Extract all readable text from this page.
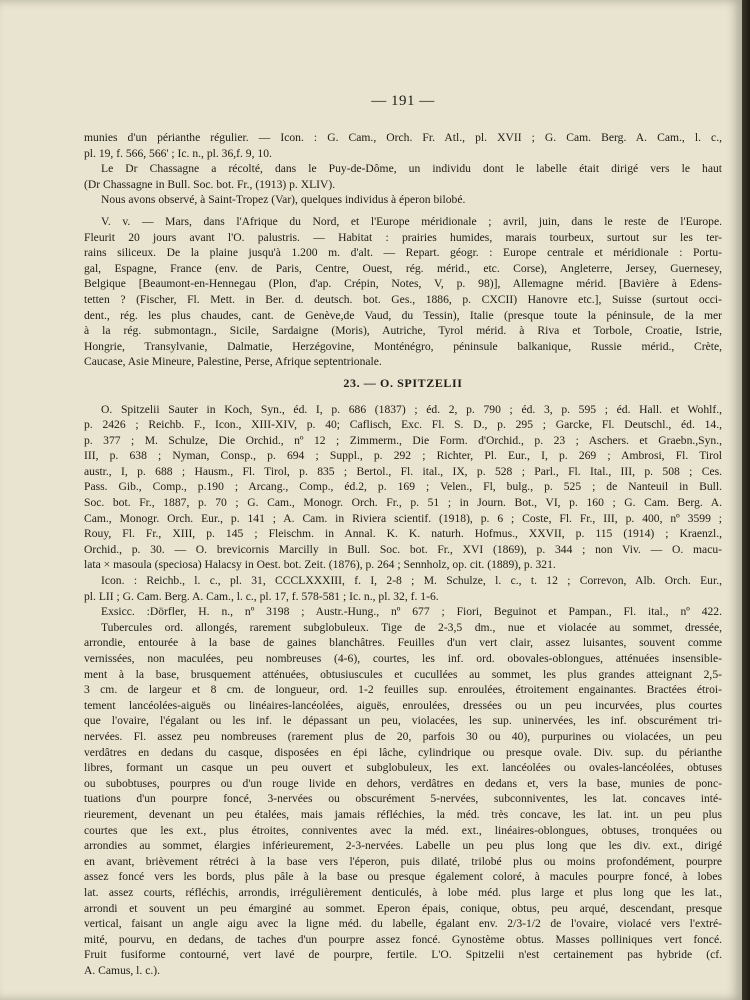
— 191 —
munies d'un périanthe régulier. — Icon. : G. Cam., Orch. Fr. Atl., pl. XVII ; G. Cam. Berg. A. Cam., l. c.,
pl. 19, f. 566, 566' ; Ic. n., pl. 36,f. 9, 10.
Le Dr Chassagne a récolté, dans le Puy-de-Dôme, un individu dont le labelle était dirigé vers le haut
(Dr Chassagne in Bull. Soc. bot. Fr., (1913) p. XLIV).
Nous avons observé, à Saint-Tropez (Var), quelques individus à éperon bilobé.
V. v. — Mars, dans l'Afrique du Nord, et l'Europe méridionale ; avril, juin, dans le reste de l'Europe.
Fleurit 20 jours avant l'O. palustris. — Habitat : prairies humides, marais tourbeux, surtout sur les ter-
rains siliceux. De la plaine jusqu'à 1.200 m. d'alt. — Repart. géogr. : Europe centrale et méridionale : Portu-
gal, Espagne, France (env. de Paris, Centre, Ouest, rég. mérid., etc. Corse), Angleterre, Jersey, Guernesey,
Belgique [Beaumont-en-Hennegau (Plon, d'ap. Crépin, Notes, V, p. 98)], Allemagne mérid. [Bavière à Edens-
tetten ? (Fischer, Fl. Mett. in Ber. d. deutsch. bot. Ges., 1886, p. CXCII) Hanovre etc.], Suisse (surtout occi-
dent., rég. les plus chaudes, cant. de Genève,de Vaud, du Tessin), Italie (presque toute la péninsule, de la mer
à la rég. submontagn., Sicile, Sardaigne (Moris), Autriche, Tyrol mérid. à Riva et Torbole, Croatie, Istrie,
Hongrie, Transylvanie, Dalmatie, Herzégovine, Monténégro, péninsule balkanique, Russie mérid., Crète,
Caucase, Asie Mineure, Palestine, Perse, Afrique septentrionale.
23. — O. SPITZELII
O. Spitzelii Sauter in Koch, Syn., éd. I, p. 686 (1837) ; éd. 2, p. 790 ; éd. 3, p. 595 ; éd. Hall. et Wohlf.,
p. 2426 ; Reichb. F., Icon., XIII-XIV, p. 40; Caflisch, Exc. Fl. S. D., p. 295 ; Garcke, Fl. Deutschl., éd. 14.,
p. 377 ; M. Schulze, Die Orchid., nº 12 ; Zimmerm., Die Form. d'Orchid., p. 23 ; Aschers. et Graebn.,Syn.,
III, p. 638 ; Nyman, Consp., p. 694 ; Suppl., p. 292 ; Richter, Pl. Eur., I, p. 269 ; Ambrosi, Fl. Tirol
austr., I, p. 688 ; Hausm., Fl. Tirol, p. 835 ; Bertol., Fl. ital., IX, p. 528 ; Parl., Fl. Ital., III, p. 508 ; Ces.
Pass. Gib., Comp., p.190 ; Arcang., Comp., éd.2, p. 169 ; Velen., Fl, bulg., p. 525 ; de Nanteuil in Bull.
Soc. bot. Fr., 1887, p. 70 ; G. Cam., Monogr. Orch. Fr., p. 51 ; in Journ. Bot., VI, p. 160 ; G. Cam. Berg. A.
Cam., Monogr. Orch. Eur., p. 141 ; A. Cam. in Riviera scientif. (1918), p. 6 ; Coste, Fl. Fr., III, p. 400, nº 3599 ;
Rouy, Fl. Fr., XIII, p. 145 ; Fleischm. in Annal. K. K. naturh. Hofmus., XXVII, p. 115 (1914) ; Kraenzl.,
Orchid., p. 30. — O. brevicornis Marcilly in Bull. Soc. bot. Fr., XVI (1869), p. 344 ; non Viv. — O. macu-
lata × masoula (speciosa) Halacsy in Oest. bot. Zeit. (1876), p. 264 ; Sennholz, op. cit. (1889), p. 321.
Icon. : Reichb., l. c., pl. 31, CCCLXXXIII, f. I, 2-8 ; M. Schulze, l. c., t. 12 ; Correvon, Alb. Orch. Eur.,
pl. LII ; G. Cam. Berg. A. Cam., l. c., pl. 17, f. 578-581 ; Ic. n., pl. 32, f. 1-6.
Exsicc. :Dörfler, H. n., nº 3198 ; Austr.-Hung., nº 677 ; Fiori, Beguinot et Pampan., Fl. ital., nº 422.
Tubercules ord. allongés, rarement subglobuleux. Tige de 2-3,5 dm., nue et violacée au sommet, dressée,
arrondie, entourée à la base de gaines blanchâtres. Feuilles d'un vert clair, assez luisantes, souvent comme
vernissées, non maculées, peu nombreuses (4-6), courtes, les inf. ord. obovales-oblongues, atténuées insensible-
ment à la base, brusquement atténuées, obtusiuscules et cucullées au sommet, les plus grandes atteignant 2,5-
3 cm. de largeur et 8 cm. de longueur, ord. 1-2 feuilles sup. enroulées, étroitement engainantes. Bractées étroi-
tement lancéolées-aiguës ou linéaires-lancéolées, aiguës, enroulées, dressées ou un peu incurvées, plus courtes
que l'ovaire, l'égalant ou les inf. le dépassant un peu, violacées, les sup. uninervées, les inf. obscurément tri-
nervées. Fl. assez peu nombreuses (rarement plus de 20, parfois 30 ou 40), purpurines ou violacées, un peu
verdâtres en dedans du casque, disposées en épi lâche, cylindrique ou presque ovale. Div. sup. du périanthe
libres, formant un casque un peu ouvert et subglobuleux, les ext. lancéolées ou ovales-lancéolées, obtuses
ou subobtuses, pourpres ou d'un rouge livide en dehors, verdâtres en dedans et, vers la base, munies de ponc-
tuations d'un pourpre foncé, 3-nervées ou obscurément 5-nervées, subconniventes, les lat. concaves inté-
rieurement, devenant un peu étalées, mais jamais réfléchies, la méd. très concave, les lat. int. un peu plus
courtes que les ext., plus étroites, conniventes avec la méd. ext., linéaires-oblongues, obtuses, tronquées ou
arrondies au sommet, élargies inférieurement, 2-3-nervées. Labelle un peu plus long que les div. ext., dirigé
en avant, brièvement rétréci à la base vers l'éperon, puis dilaté, trilobé plus ou moins profondément, pourpre
assez foncé vers les bords, plus pâle à la base ou presque également coloré, à macules pourpre foncé, à lobes
lat. assez courts, réfléchis, arrondis, irrégulièrement denticulés, à lobe méd. plus large et plus long que les lat.,
arrondi et souvent un peu émarginé au sommet. Eperon épais, conique, obtus, peu arqué, descendant, presque
vertical, faisant un angle aigu avec la ligne méd. du labelle, égalant env. 2/3-1/2 de l'ovaire, violacé vers l'extré-
mité, pourvu, en dedans, de taches d'un pourpre assez foncé. Gynostème obtus. Masses polliniques vert foncé.
Fruit fusiforme contourné, vert lavé de pourpre, fertile. L'O. Spitzelii n'est certainement pas hybride (cf.
A. Camus, l. c.).
